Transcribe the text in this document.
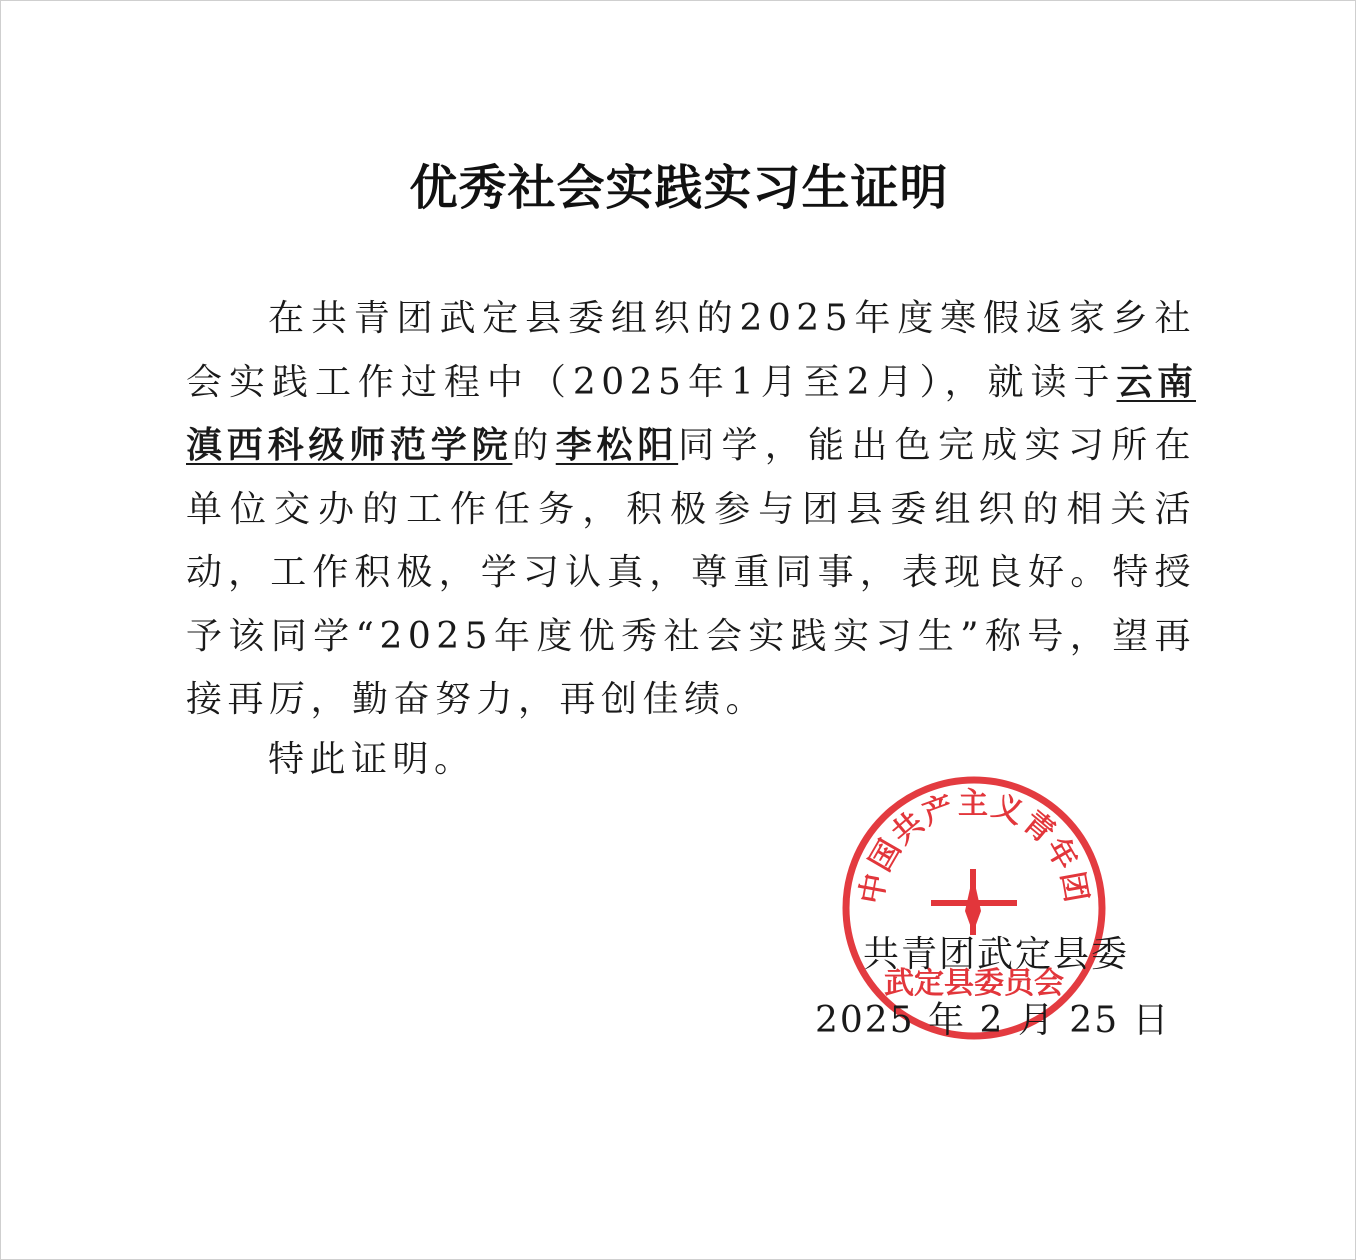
优秀社会实践实习生证明

在共青团武定县委组织的2025年度寒假返家乡社会实践工作过程中（2025年1月至2月），就读于云南滇西科级师范学院的李松阳同学，能出色完成实习所在单位交办的工作任务，积极参与团县委组织的相关活动，工作积极，学习认真，尊重同事，表现良好。特授予该同学“2025年度优秀社会实践实习生”称号，望再接再厉，勤奋努力，再创佳绩。

特此证明。
中国共产主义青年团
武定县委员会
共青团武定县委
2025 年 2 月 25 日
